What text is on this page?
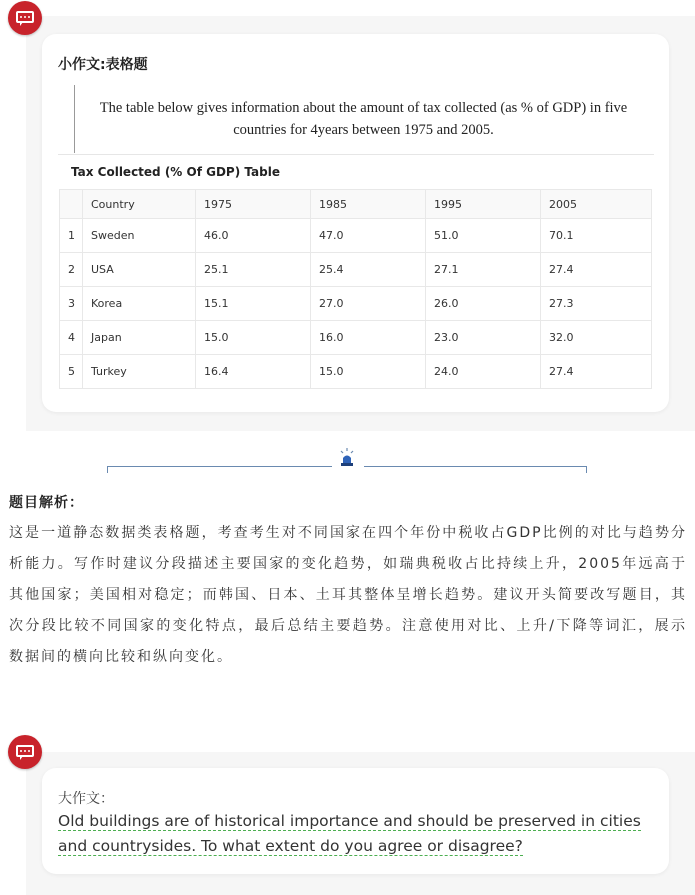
小作文:表格题
The table below gives information about the amount of tax collected (as % of GDP) in five countries for 4years between 1975 and 2005.
Tax Collected (% Of GDP) Table
	Country	1975	1985	1995	2005
1	Sweden	46.0	47.0	51.0	70.1
2	USA	25.1	25.4	27.1	27.4
3	Korea	15.1	27.0	26.0	27.3
4	Japan	15.0	16.0	23.0	32.0
5	Turkey	16.4	15.0	24.0	27.4
题目解析：
这是一道静态数据类表格题，考查考生对不同国家在四个年份中税收占GDP比例的对比与趋势分析能力。写作时建议分段描述主要国家的变化趋势，如瑞典税收占比持续上升，2005年远高于其他国家；美国相对稳定；而韩国、日本、土耳其整体呈增长趋势。建议开头简要改写题目，其次分段比较不同国家的变化特点，最后总结主要趋势。注意使用对比、上升/下降等词汇，展示数据间的横向比较和纵向变化。
大作文：
Old buildings are of historical importance and should be preserved in cities
and countrysides. To what extent do you agree or disagree?
